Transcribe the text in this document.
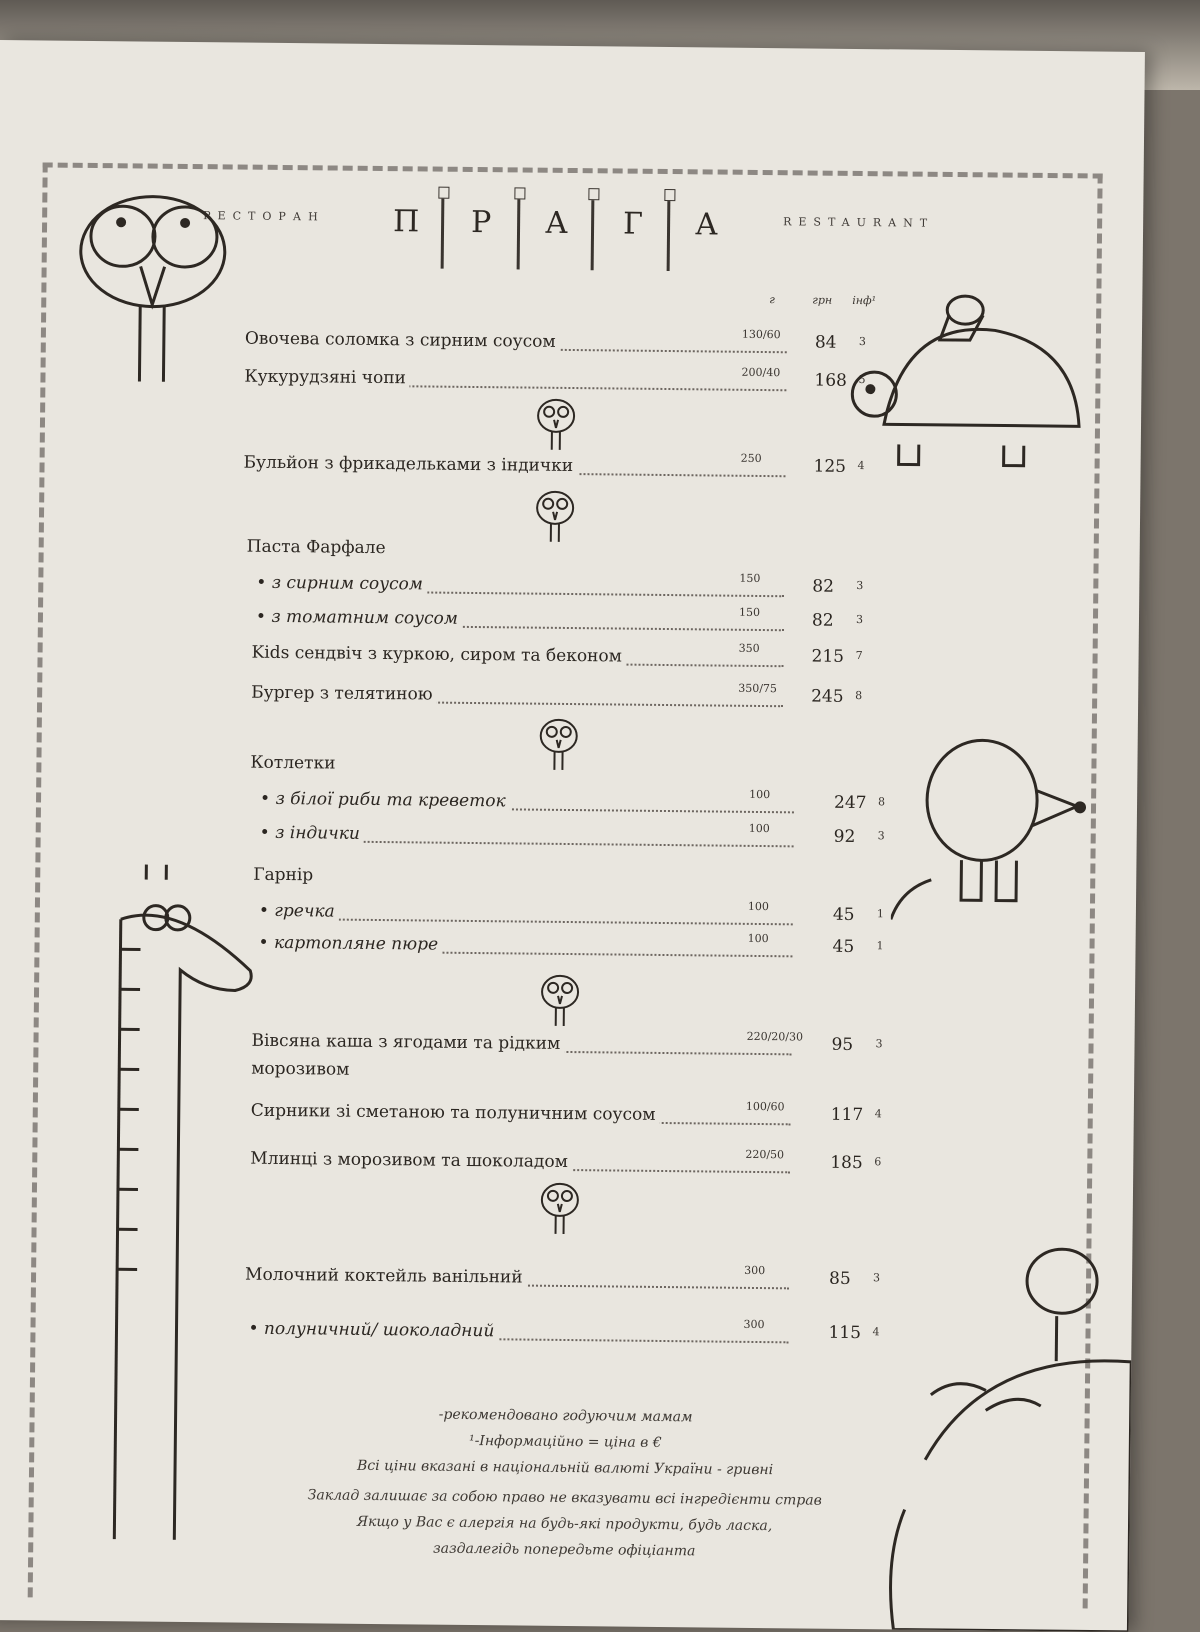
РЕСТОРАН П Р А Г А	RESTAURANT
г	грн інф¹
Овочева соломка з сирним соусом	130/60 84 3
Кукурудзяні чопи	200/40 168 5
Бульйон з фрикадельками з індички	250	125 4
Паста Фарфале
• з сирним соусом	150	82 3
• з томатним соусом	150	82 3
Kids сендвіч з куркою, сиром та беконом	350	215 7
Бургер з телятиною	350/75 245 8
Котлетки
• з білої риби та креветок	100	247 8
• з індички	100	92 3
Гарнір
• гречка	100	45 1
• картопляне пюре	100	45 1
Вівсяна каша з ягодами та рідким
морозивом
220/20/30 95 3
Сирники зі сметаною та полуничним соусом	100/60	117 4
Млинці з морозивом та шоколадом	220/50	185 6
Молочний коктейль ванільний	300	85 3
• полуничний/ шоколадний	300	115 4
-рекомендовано годуючим мамам
¹-Інформаційно = ціна в €
Всі ціни вказані в національній валюті України - гривні
Заклад залишає за собою право не вказувати всі інгредієнти страв
Якщо у Вас є алергія на будь-які продукти, будь ласка,
заздалегідь попередьте офіціанта
